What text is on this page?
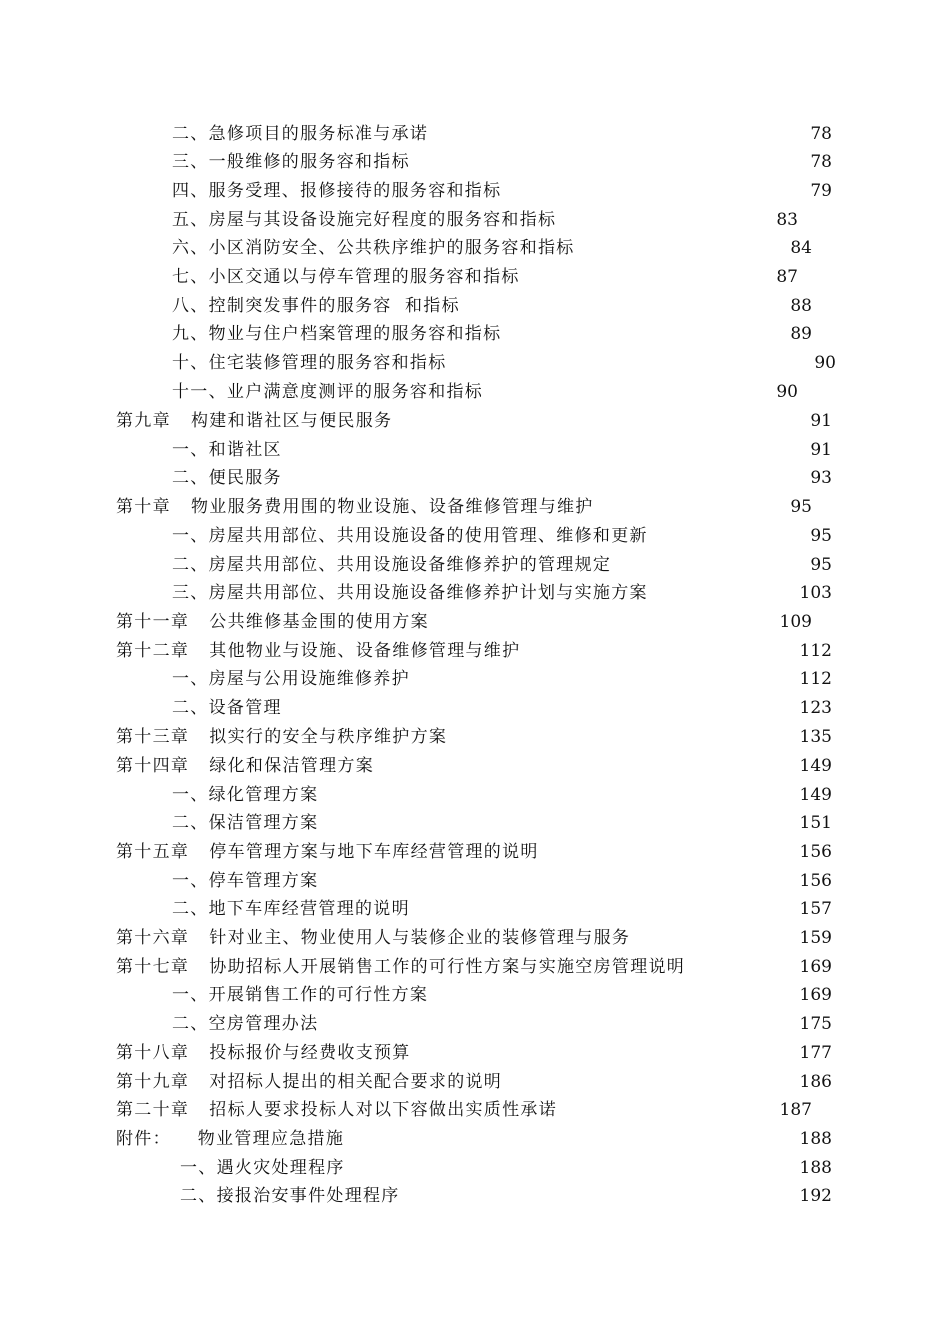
二、急修项目的服务标准与承诺	78
三、一般维修的服务容和指标	78
四、服务受理、报修接待的服务容和指标	79
五、房屋与其设备设施完好程度的服务容和指标	83
六、小区消防安全、公共秩序维护的服务容和指标	84
七、小区交通以与停车管理的服务容和指标	87
八、控制突发事件的服务容  和指标	88
九、物业与住户档案管理的服务容和指标	89
十、住宅装修管理的服务容和指标	90
十一、业户满意度测评的服务容和指标	90
第九章   构建和谐社区与便民服务	91
一、和谐社区	91
二、便民服务	93
第十章   物业服务费用围的物业设施、设备维修管理与维护	95
一、房屋共用部位、共用设施设备的使用管理、维修和更新	95
二、房屋共用部位、共用设施设备维修养护的管理规定	95
三、房屋共用部位、共用设施设备维修养护计划与实施方案	103
第十一章   公共维修基金围的使用方案	109
第十二章   其他物业与设施、设备维修管理与维护	112
一、房屋与公用设施维修养护	112
二、设备管理	123
第十三章   拟实行的安全与秩序维护方案	135
第十四章   绿化和保洁管理方案	149
一、绿化管理方案	149
二、保洁管理方案	151
第十五章   停车管理方案与地下车库经营管理的说明	156
一、停车管理方案	156
二、地下车库经营管理的说明	157
第十六章   针对业主、物业使用人与装修企业的装修管理与服务	159
第十七章   协助招标人开展销售工作的可行性方案与实施空房管理说明	169
一、开展销售工作的可行性方案	169
二、空房管理办法	175
第十八章   投标报价与经费收支预算	177
第十九章   对招标人提出的相关配合要求的说明	186
第二十章   招标人要求投标人对以下容做出实质性承诺	187
附件：    物业管理应急措施	188
一、遇火灾处理程序	188
二、接报治安事件处理程序	192
